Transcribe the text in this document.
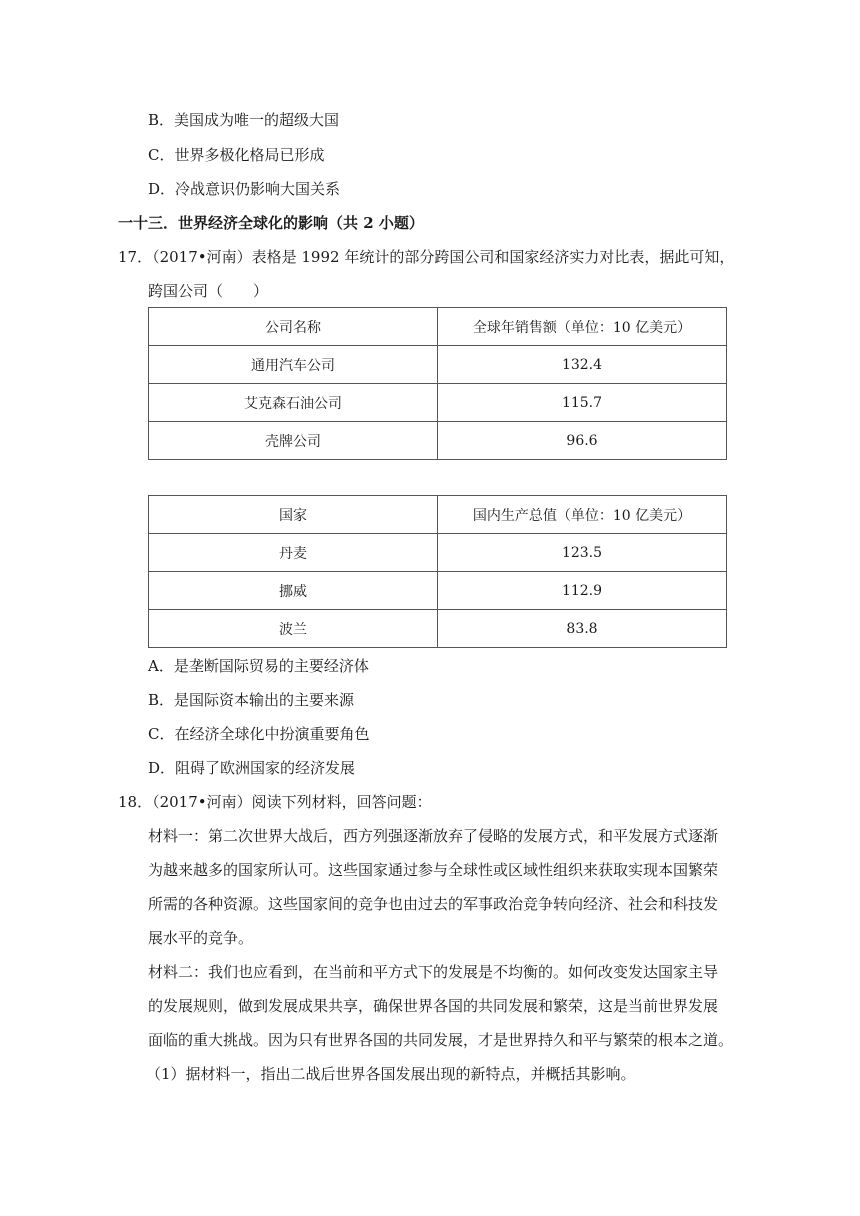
B．美国成为唯一的超级大国
C．世界多极化格局已形成
D．冷战意识仍影响大国关系
一十三．世界经济全球化的影响（共 2 小题）
17．（2017•河南）表格是 1992 年统计的部分跨国公司和国家经济实力对比表，据此可知，
跨国公司（　　）
公司名称	全球年销售额（单位：10 亿美元）
通用汽车公司	132.4
艾克森石油公司	115.7
壳牌公司	96.6
国家	国内生产总值（单位：10 亿美元）
丹麦	123.5
挪威	112.9
波兰	83.8
A．是垄断国际贸易的主要经济体
B．是国际资本输出的主要来源
C．在经济全球化中扮演重要角色
D．阻碍了欧洲国家的经济发展
18．（2017•河南）阅读下列材料，回答问题：
材料一：第二次世界大战后，西方列强逐渐放弃了侵略的发展方式，和平发展方式逐渐
为越来越多的国家所认可。这些国家通过参与全球性或区域性组织来获取实现本国繁荣
所需的各种资源。这些国家间的竞争也由过去的军事政治竞争转向经济、社会和科技发
展水平的竞争。
材料二：我们也应看到，在当前和平方式下的发展是不均衡的。如何改变发达国家主导
的发展规则，做到发展成果共享，确保世界各国的共同发展和繁荣，这是当前世界发展
面临的重大挑战。因为只有世界各国的共同发展，才是世界持久和平与繁荣的根本之道。
（1）据材料一，指出二战后世界各国发展出现的新特点，并概括其影响。
